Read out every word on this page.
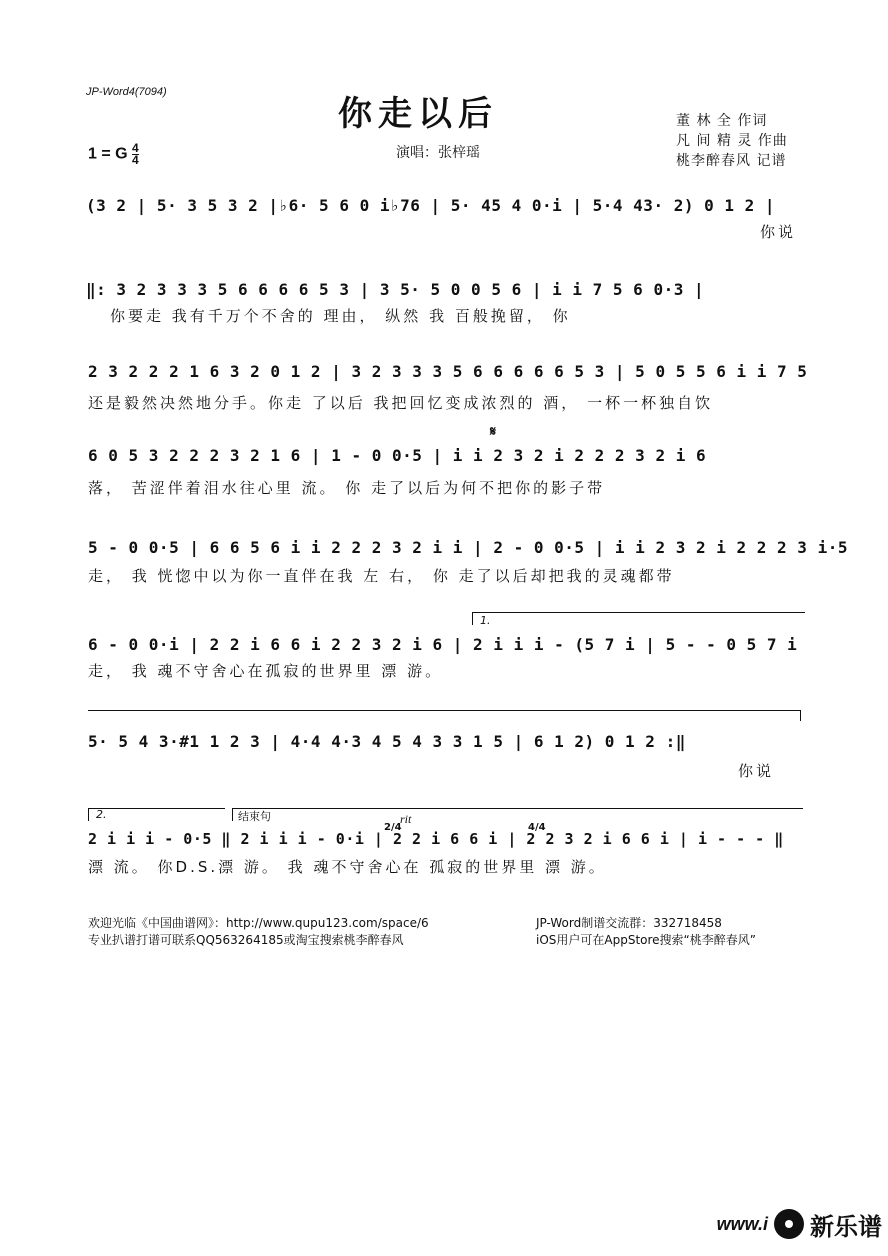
JP-Word4(7094)
你走以后
1 = G $\frac{4}{4}$	演唱：张梓瑶
董 林 全 作词
凡 间 精 灵 作曲
桃李醉春风 记谱
(3 2 | 5· 3 5 3 2 |♭6· 5 6 0 i♭76 | 5· 45 4 0·i | 5·4 43· 2) 0 1 2 |
你说
‖: 3 2 3 3 3 5 6 6 6 6 5 3 | 3 5· 5 0 0 5 6 | i i 7 5 6 0·3 |
你要走 我有千万个不舍的 理由， 纵然 我 百般挽留， 你
2 3 2 2 2 1 6 3 2 0 1 2 | 3 2 3 3 3 5 6 6 6 6 6 5 3 | 5 0 5 5 6 i i 7 5
还是毅然决然地分手。你走 了以后 我把回忆变成浓烈的 酒， 一杯一杯独自饮
𝄋
6 0 5 3 2 2 2 3 2 1 6 | 1 - 0 0·5 | i i 2 3 2 i 2 2 2 3 2 i 6
落， 苦涩伴着泪水往心里 流。 你 走了以后为何不把你的影子带
5 - 0 0·5 | 6 6 5 6 i i 2 2 2 3 2 i i | 2 - 0 0·5 | i i 2 3 2 i 2 2 2 3 i·5
走， 我 恍惚中以为你一直伴在我 左 右， 你 走了以后却把我的灵魂都带
1.
6 - 0 0·i | 2 2 i 6 6 i 2 2 3 2 i 6 | 2 i i i - (5 7 i | 5 - - 0 5 7 i
走， 我 魂不守舍心在孤寂的世界里 漂 游。
5· 5 4 3·#1 1 2 3 | 4·4 4·3 4 5 4 3 3 1 5 | 6 1 2) 0 1 2 :‖
你说
2.	结束句	rit
2/4	4/4
2 i i i - 0·5 ‖ 2 i i i - 0·i | 2 2 i 6 6 i | 2 2 3 2 i 6 6 i | i - - - ‖
漂 流。 你D.S.漂 游。 我 魂不守舍心在 孤寂的世界里 漂 游。
欢迎光临《中国曲谱网》：http://www.qupu123.com/space/6
专业扒谱打谱可联系QQ563264185或淘宝搜索桃李醉春风
JP-Word制谱交流群：332718458
iOS用户可在AppStore搜索“桃李醉春风”
www.i 新乐谱
